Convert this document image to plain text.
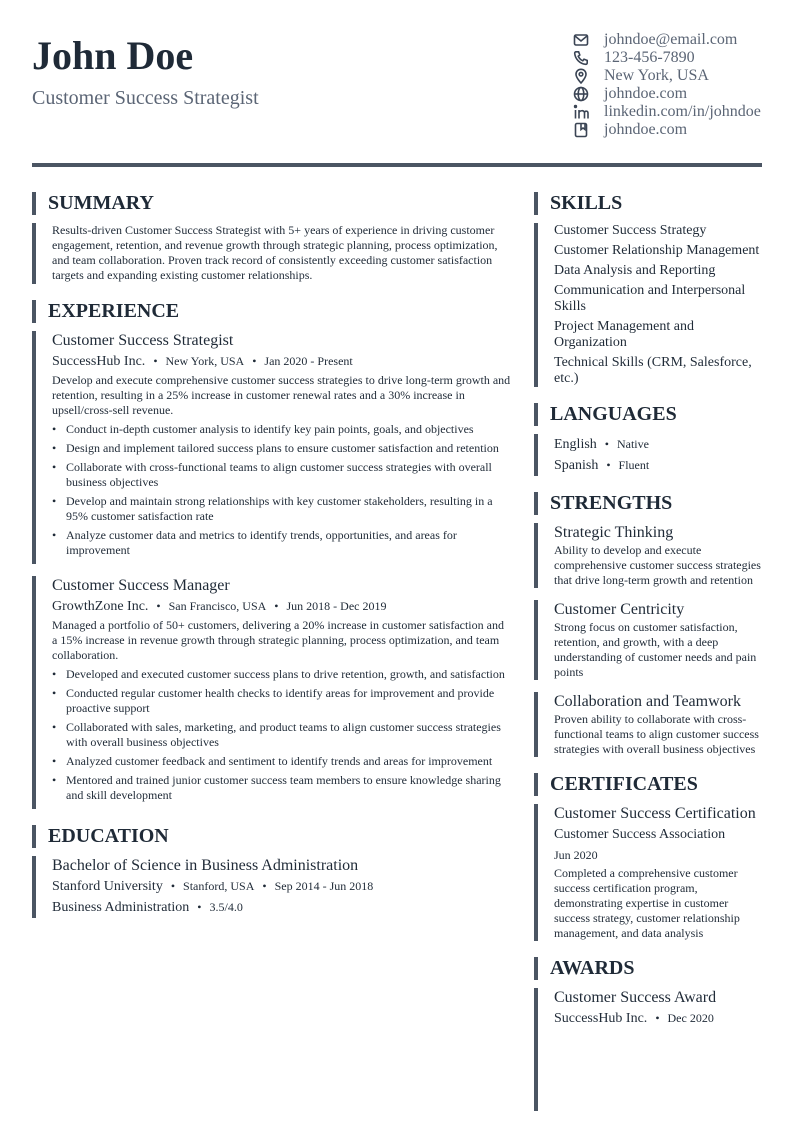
John Doe
Customer Success Strategist
johndoe@email.com
123-456-7890
New York, USA
johndoe.com
linkedin.com/in/johndoe
johndoe.com
SUMMARY
Results-driven Customer Success Strategist with 5+ years of experience in driving customer engagement, retention, and revenue growth through strategic planning, process optimization, and team collaboration. Proven track record of consistently exceeding customer satisfaction targets and expanding existing customer relationships.
EXPERIENCE
Customer Success Strategist
SuccessHub Inc. • New York, USA • Jan 2020 - Present
Develop and execute comprehensive customer success strategies to drive long-term growth and retention, resulting in a 25% increase in customer renewal rates and a 30% increase in upsell/cross-sell revenue.
• Conduct in-depth customer analysis to identify key pain points, goals, and objectives
• Design and implement tailored success plans to ensure customer satisfaction and retention
• Collaborate with cross-functional teams to align customer success strategies with overall business objectives
• Develop and maintain strong relationships with key customer stakeholders, resulting in a 95% customer satisfaction rate
• Analyze customer data and metrics to identify trends, opportunities, and areas for improvement
Customer Success Manager
GrowthZone Inc. • San Francisco, USA • Jun 2018 - Dec 2019
Managed a portfolio of 50+ customers, delivering a 20% increase in customer satisfaction and a 15% increase in revenue growth through strategic planning, process optimization, and team collaboration.
• Developed and executed customer success plans to drive retention, growth, and satisfaction
• Conducted regular customer health checks to identify areas for improvement and provide proactive support
• Collaborated with sales, marketing, and product teams to align customer success strategies with overall business objectives
• Analyzed customer feedback and sentiment to identify trends and areas for improvement
• Mentored and trained junior customer success team members to ensure knowledge sharing and skill development
EDUCATION
Bachelor of Science in Business Administration
Stanford University • Stanford, USA • Sep 2014 - Jun 2018
Business Administration • 3.5/4.0
SKILLS
Customer Success Strategy
Customer Relationship Management
Data Analysis and Reporting
Communication and Interpersonal Skills
Project Management and Organization
Technical Skills (CRM, Salesforce, etc.)
LANGUAGES
English • Native
Spanish • Fluent
STRENGTHS
Strategic Thinking
Ability to develop and execute comprehensive customer success strategies that drive long-term growth and retention
Customer Centricity
Strong focus on customer satisfaction, retention, and growth, with a deep understanding of customer needs and pain points
Collaboration and Teamwork
Proven ability to collaborate with cross-functional teams to align customer success strategies with overall business objectives
CERTIFICATES
Customer Success Certification
Customer Success Association
Jun 2020
Completed a comprehensive customer success certification program, demonstrating expertise in customer success strategy, customer relationship management, and data analysis
AWARDS
Customer Success Award
SuccessHub Inc. • Dec 2020
